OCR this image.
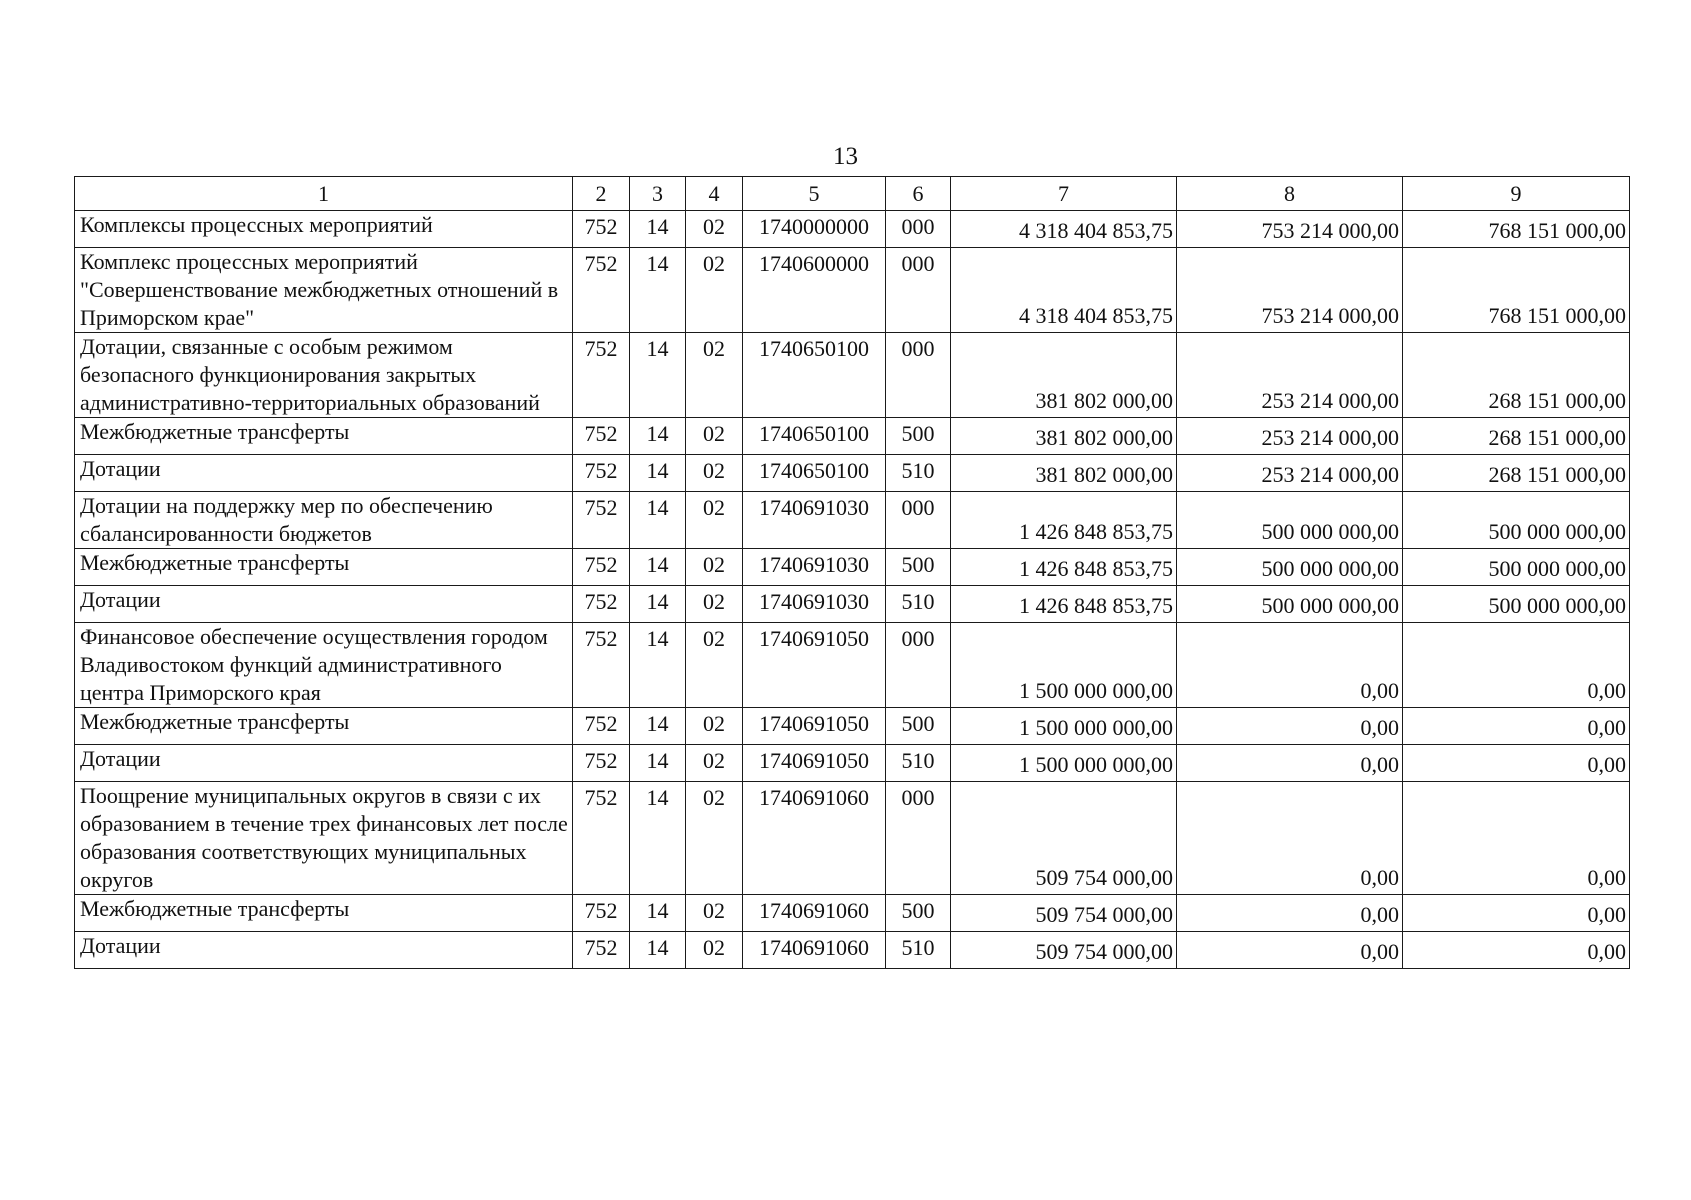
13
1	2	3	4	5	6	7	8	9
Комплексы процессных мероприятий	752	14	02	1740000000	000	4 318 404 853,75	753 214 000,00	768 151 000,00
Комплекс процессных мероприятий "Совершенствование межбюджетных отношений в Приморском крае"	752	14	02	1740600000	000	4 318 404 853,75	753 214 000,00	768 151 000,00
Дотации, связанные с особым режимом безопасного функционирования закрытых административно-территориальных образований	752	14	02	1740650100	000	381 802 000,00	253 214 000,00	268 151 000,00
Межбюджетные трансферты	752	14	02	1740650100	500	381 802 000,00	253 214 000,00	268 151 000,00
Дотации	752	14	02	1740650100	510	381 802 000,00	253 214 000,00	268 151 000,00
Дотации на поддержку мер по обеспечению сбалансированности бюджетов	752	14	02	1740691030	000	1 426 848 853,75	500 000 000,00	500 000 000,00
Межбюджетные трансферты	752	14	02	1740691030	500	1 426 848 853,75	500 000 000,00	500 000 000,00
Дотации	752	14	02	1740691030	510	1 426 848 853,75	500 000 000,00	500 000 000,00
Финансовое обеспечение осуществления городом Владивостоком функций административного центра Приморского края	752	14	02	1740691050	000	1 500 000 000,00	0,00	0,00
Межбюджетные трансферты	752	14	02	1740691050	500	1 500 000 000,00	0,00	0,00
Дотации	752	14	02	1740691050	510	1 500 000 000,00	0,00	0,00
Поощрение муниципальных округов в связи с их образованием в течение трех финансовых лет после образования соответствующих муниципальных округов	752	14	02	1740691060	000	509 754 000,00	0,00	0,00
Межбюджетные трансферты	752	14	02	1740691060	500	509 754 000,00	0,00	0,00
Дотации	752	14	02	1740691060	510	509 754 000,00	0,00	0,00
